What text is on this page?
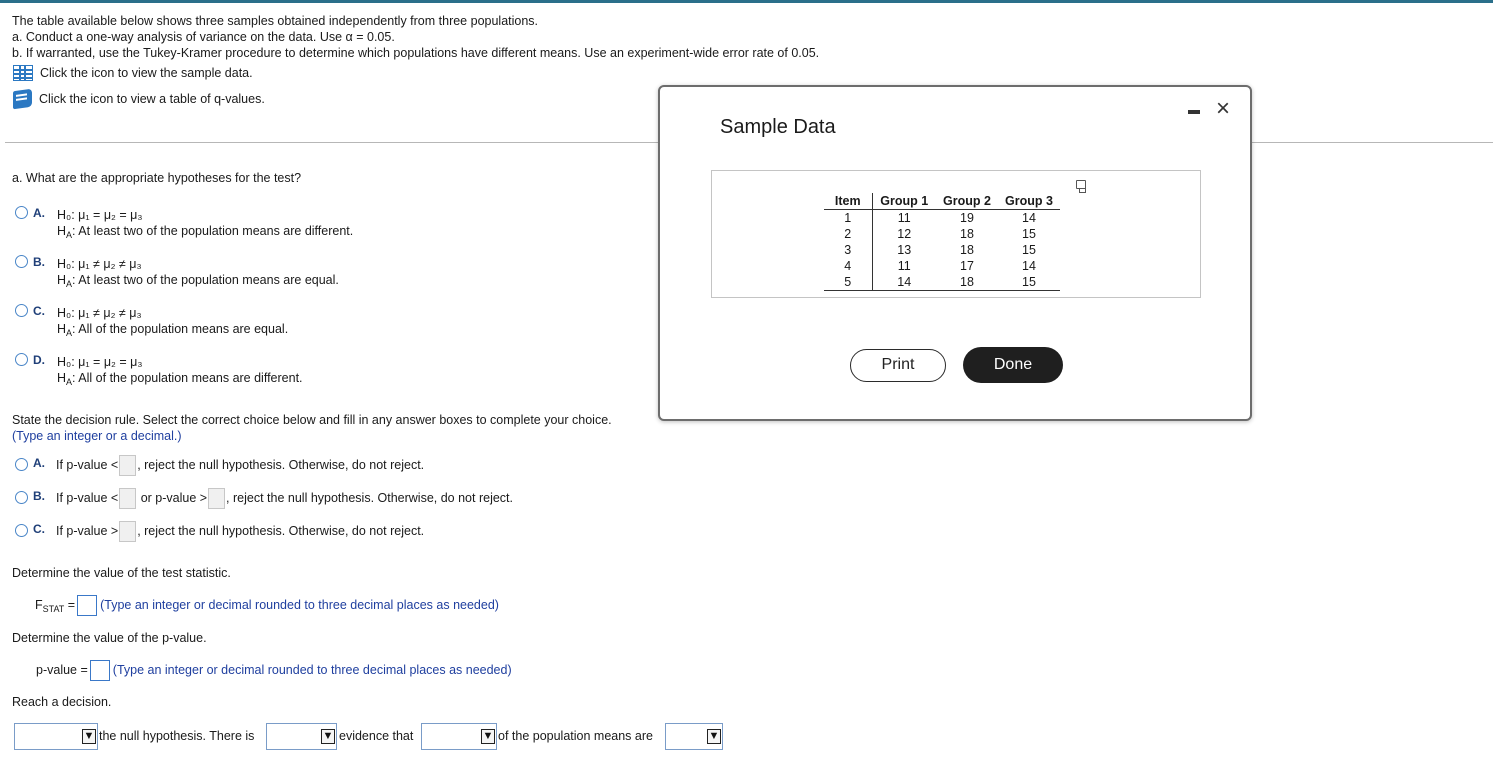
The table available below shows three samples obtained independently from three populations.
a. Conduct a one-way analysis of variance on the data. Use α = 0.05.
b. If warranted, use the Tukey-Kramer procedure to determine which populations have different means. Use an experiment-wide error rate of 0.05.
Click the icon to view the sample data.
Click the icon to view a table of q-values.
a. What are the appropriate hypotheses for the test?
A. H₀: μ₁ = μ₂ = μ₃
$H_A$: At least two of the population means are different.
B. H₀: μ₁ ≠ μ₂ ≠ μ₃
$H_A$: At least two of the population means are equal.
C. H₀: μ₁ ≠ μ₂ ≠ μ₃
$H_A$: All of the population means are equal.
D. H₀: μ₁ = μ₂ = μ₃
$H_A$: All of the population means are different.
State the decision rule. Select the correct choice below and fill in any answer boxes to complete your choice.
(Type an integer or a decimal.)
A. If p-value < , reject the null hypothesis. Otherwise, do not reject.
B. If p-value < or p-value > , reject the null hypothesis. Otherwise, do not reject.
C. If p-value > , reject the null hypothesis. Otherwise, do not reject.
Determine the value of the test statistic.
$F_{STAT}$ = (Type an integer or decimal rounded to three decimal places as needed)
Determine the value of the p-value.
p-value = (Type an integer or decimal rounded to three decimal places as needed)
Reach a decision.
▼ the null hypothesis. There is	▼ evidence that	▼ of the population means are	▼
Sample Data
×
Item	Group 1	Group 2	Group 3
1	11	19	14
2	12	18	15
3	13	18	15
4	11	17	14
5	14	18	15
Print	Done
